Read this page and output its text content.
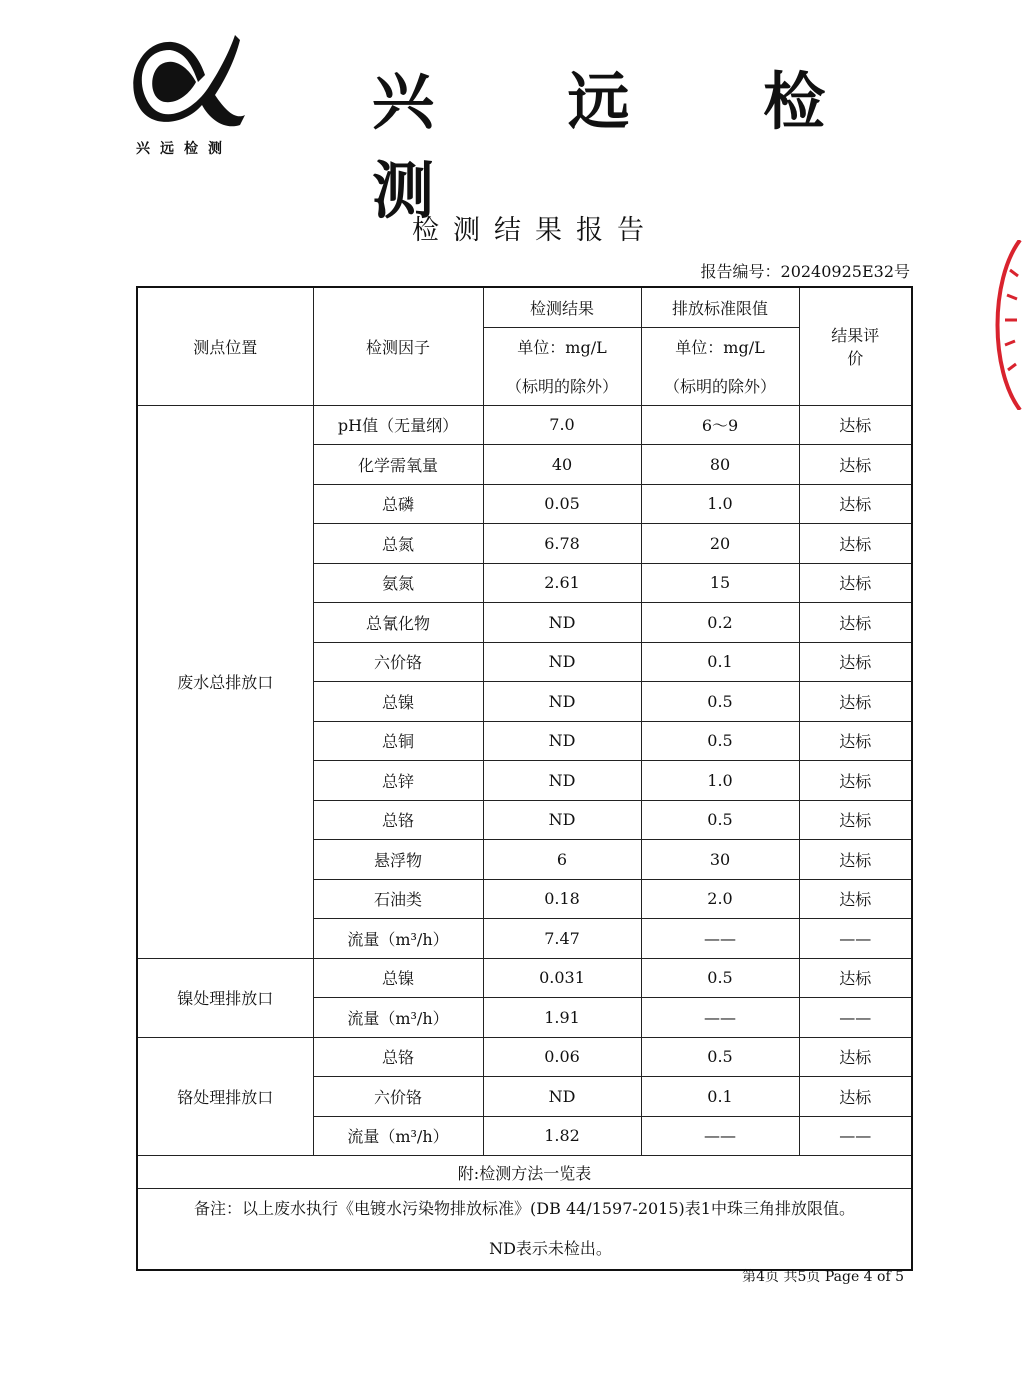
兴远检测
兴 远 检 测
检测结果报告
报告编号：20240925E32号
测点位置	检测因子	检测结果	排放标准限值	结果评价
		单位：mg/L	单位：mg/L	
		（标明的除外）	（标明的除外）	
废水总排放口	pH值（无量纲）	7.0	6～9	达标
	化学需氧量	40	80	达标
	总磷	0.05	1.0	达标
	总氮	6.78	20	达标
	氨氮	2.61	15	达标
	总氰化物	ND	0.2	达标
	六价铬	ND	0.1	达标
	总镍	ND	0.5	达标
	总铜	ND	0.5	达标
	总锌	ND	1.0	达标
	总铬	ND	0.5	达标
	悬浮物	6	30	达标
	石油类	0.18	2.0	达标
	流量（m³/h）	7.47	——	——
镍处理排放口	总镍	0.031	0.5	达标
	流量（m³/h）	1.91	——	——
铬处理排放口	总铬	0.06	0.5	达标
	六价铬	ND	0.1	达标
	流量（m³/h）	1.82	——	——
附:检测方法一览表				

备注：以上废水执行《电镀水污染物排放标准》(DB 44/1597-2015)表1中珠三角排放限值。
ND表示未检出。				
第4页 共5页 Page 4 of 5
